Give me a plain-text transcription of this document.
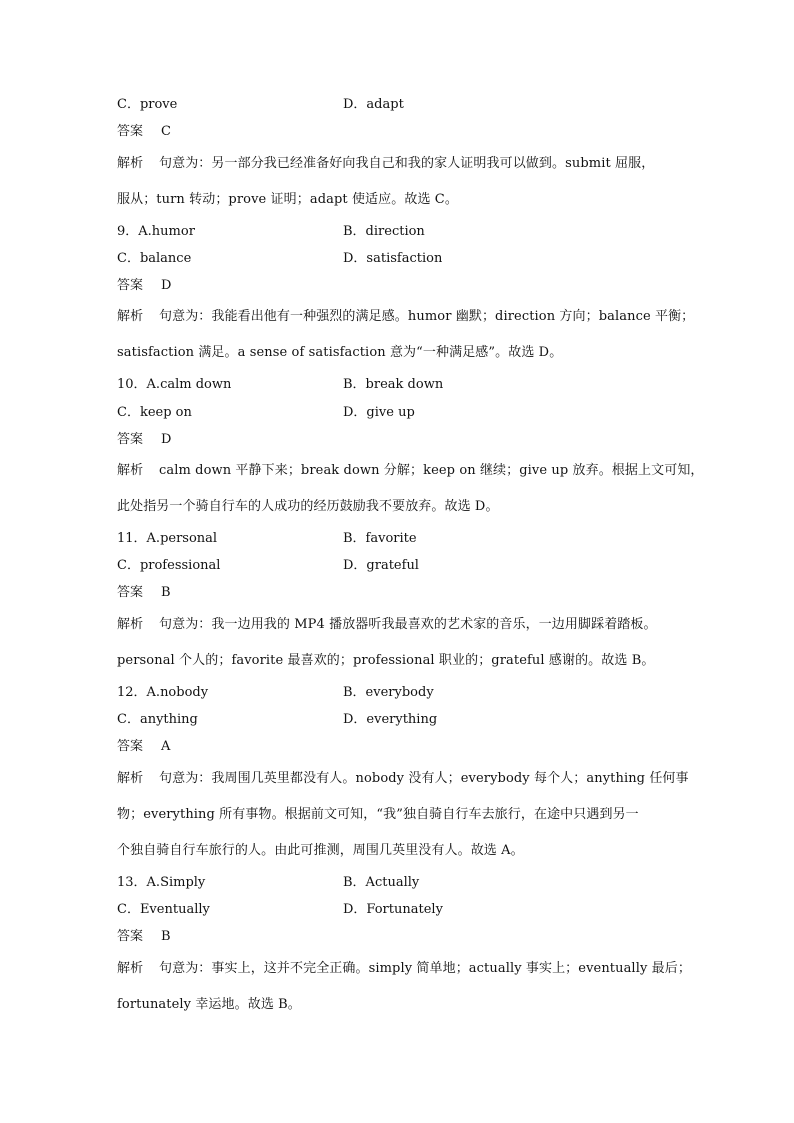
C．prove	D．adapt
答案 C
解析 句意为：另一部分我已经准备好向我自己和我的家人证明我可以做到。submit 屈服，
服从；turn 转动；prove 证明；adapt 使适应。故选 C。
9．A.humor	B．direction
C．balance	D．satisfaction
答案 D
解析 句意为：我能看出他有一种强烈的满足感。humor 幽默；direction 方向；balance 平衡；
satisfaction 满足。a sense of satisfaction 意为“一种满足感”。故选 D。
10．A.calm down	B．break down
C．keep on	D．give up
答案 D
解析 calm down 平静下来；break down 分解；keep on 继续；give up 放弃。根据上文可知，
此处指另一个骑自行车的人成功的经历鼓励我不要放弃。故选 D。
11．A.personal	B．favorite
C．professional	D．grateful
答案 B
解析 句意为：我一边用我的 MP4 播放器听我最喜欢的艺术家的音乐，一边用脚踩着踏板。
personal 个人的；favorite 最喜欢的；professional 职业的；grateful 感谢的。故选 B。
12．A.nobody	B．everybody
C．anything	D．everything
答案 A
解析 句意为：我周围几英里都没有人。nobody 没有人；everybody 每个人；anything 任何事
物；everything 所有事物。根据前文可知，“我”独自骑自行车去旅行，在途中只遇到另一
个独自骑自行车旅行的人。由此可推测，周围几英里没有人。故选 A。
13．A.Simply	B．Actually
C．Eventually	D．Fortunately
答案 B
解析 句意为：事实上，这并不完全正确。simply 简单地；actually 事实上；eventually 最后；
fortunately 幸运地。故选 B。
